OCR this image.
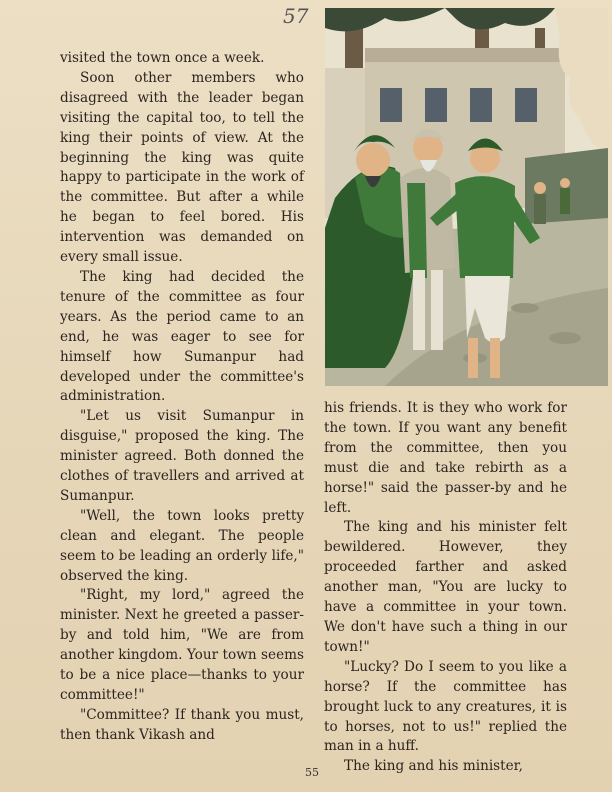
57

visited the town once a week.

Soon other members who disagreed with the leader began visiting the capital too, to tell the king their points of view. At the beginning the king was quite happy to participate in the work of the committee. But after a while he began to feel bored. His intervention was demanded on every small issue.

The king had decided the tenure of the committee as four years. As the period came to an end, he was eager to see for himself how Sumanpur had developed under the committee's administration.

"Let us visit Sumanpur in disguise," proposed the king. The minister agreed. Both donned the clothes of travellers and arrived at Sumanpur.

"Well, the town looks pretty clean and elegant. The people seem to be leading an orderly life," observed the king.

"Right, my lord," agreed the minister. Next he greeted a passer-by and told him, "We are from another kingdom. Your town seems to be a nice place—thanks to your committee!"

"Committee? If thank you must, then thank Vikash and

his friends. It is they who work for the town. If you want any benefit from the committee, then you must die and take rebirth as a horse!" said the passer-by and he left.

The king and his minister felt bewildered. However, they proceeded farther and asked another man, "You are lucky to have a committee in your town. We don't have such a thing in our town!"

"Lucky? Do I seem to you like a horse? If the committee has brought luck to any creatures, it is to horses, not to us!" replied the man in a huff.

The king and his minister,

55
